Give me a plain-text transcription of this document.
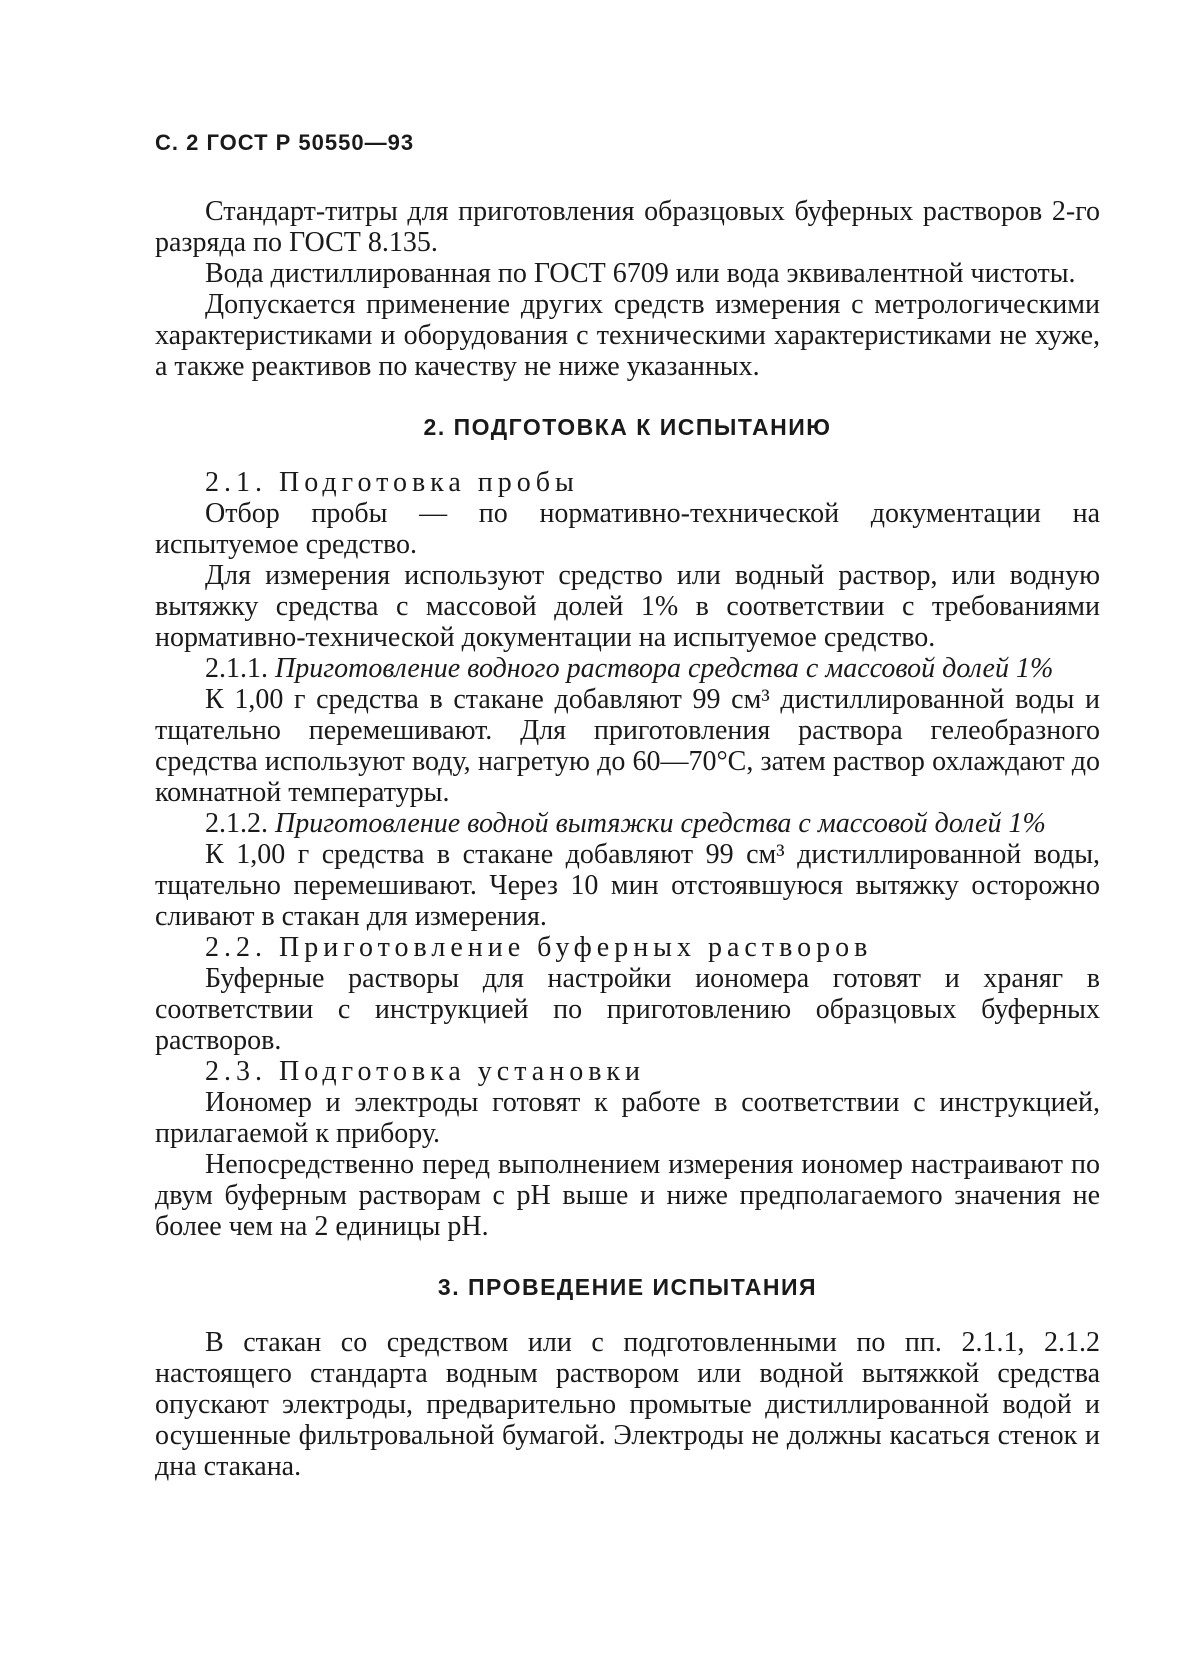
С. 2 ГОСТ Р 50550—93

Стандарт-титры для приготовления образцовых буферных растворов 2-го разряда по ГОСТ 8.135.

Вода дистиллированная по ГОСТ 6709 или вода эквивалентной чистоты.

Допускается применение других средств измерения с метрологическими характеристиками и оборудования с техническими характеристиками не хуже, а также реактивов по качеству не ниже указанных.

2. ПОДГОТОВКА К ИСПЫТАНИЮ

2.1. Подготовка пробы

Отбор пробы — по нормативно-технической документации на испытуемое средство.

Для измерения используют средство или водный раствор, или водную вытяжку средства с массовой долей 1% в соответствии с требованиями нормативно-технической документации на испытуемое средство.

2.1.1. Приготовление водного раствора средства с массовой долей 1%

К 1,00 г средства в стакане добавляют 99 см³ дистиллированной воды и тщательно перемешивают. Для приготовления раствора гелеобразного средства используют воду, нагретую до 60—70°С, затем раствор охлаждают до комнатной температуры.

2.1.2. Приготовление водной вытяжки средства с массовой долей 1%

К 1,00 г средства в стакане добавляют 99 см³ дистиллированной воды, тщательно перемешивают. Через 10 мин отстоявшуюся вытяжку осторожно сливают в стакан для измерения.

2.2. Приготовление буферных растворов

Буферные растворы для настройки иономера готовят и храняг в соответствии с инструкцией по приготовлению образцовых буферных растворов.

2.3. Подготовка установки

Иономер и электроды готовят к работе в соответствии с инструкцией, прилагаемой к прибору.

Непосредственно перед выполнением измерения иономер настраивают по двум буферным растворам с рН выше и ниже предполагаемого значения не более чем на 2 единицы рН.

3. ПРОВЕДЕНИЕ ИСПЫТАНИЯ

В стакан со средством или с подготовленными по пп. 2.1.1, 2.1.2 настоящего стандарта водным раствором или водной вытяжкой средства опускают электроды, предварительно промытые дистиллированной водой и осушенные фильтровальной бумагой. Электроды не должны касаться стенок и дна стакана.
